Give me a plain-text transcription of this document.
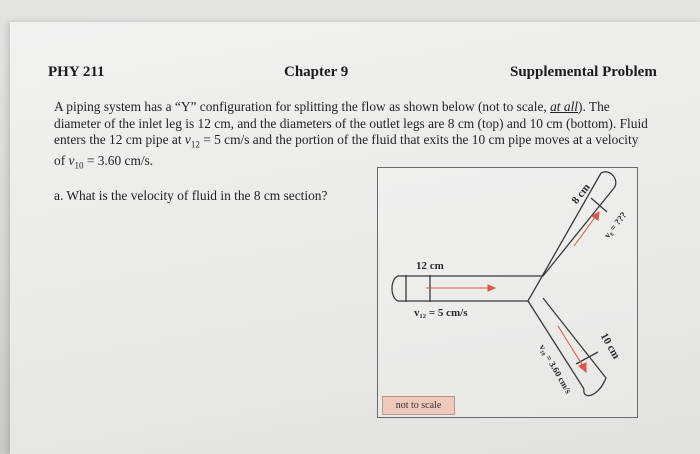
PHY 211	Chapter 9	Supplemental Problem
A piping system has a “Y” configuration for splitting the flow as shown below (not to scale, at all). The
diameter of the inlet leg is 12 cm, and the diameters of the outlet legs are 8 cm (top) and 10 cm (bottom). Fluid
enters the 12 cm pipe at $v_{12} = 5$ cm/s and the portion of the fluid that exits the 10 cm pipe moves at a velocity
of $v_{10} = 3.60$ cm/s.
a. What is the velocity of fluid in the 8 cm section?
12 cm
v₁₂ = 5 cm/s
8 cm
v₈ = ???
10 cm
v₁₀ = 3.60 cm/s
not to scale
